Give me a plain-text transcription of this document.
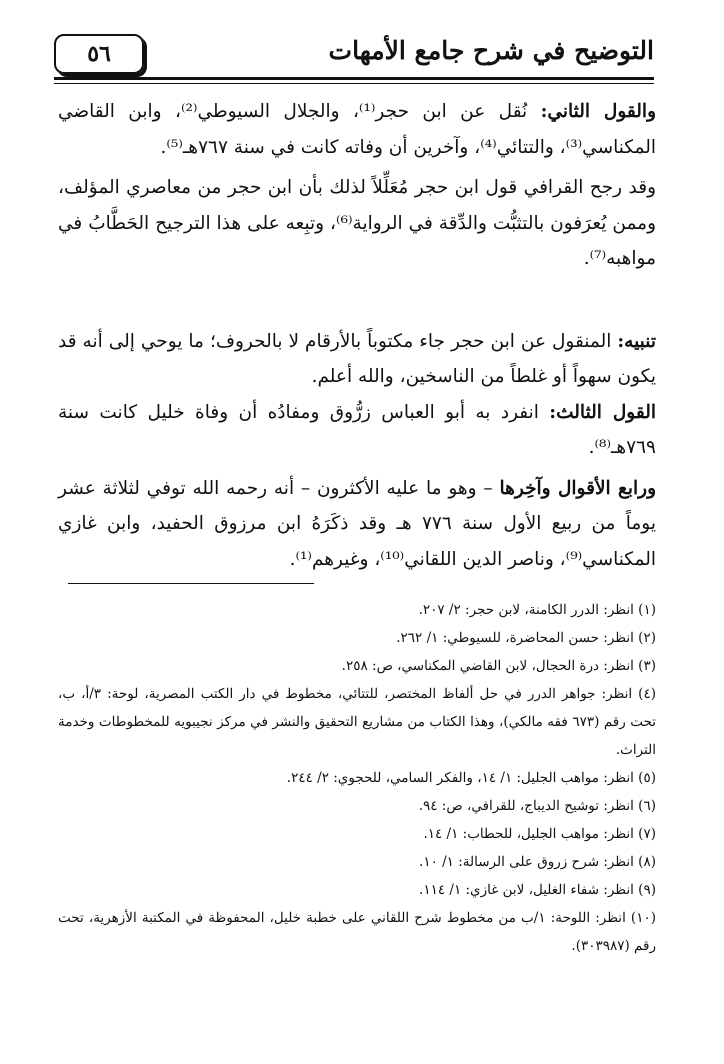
التوضيح في شرح جامع الأمهات
٥٦

والقول الثاني: نُقل عن ابن حجر⁽¹⁾، والجلال السيوطي⁽²⁾، وابن القاضي المكناسي⁽³⁾، والتتائي⁽⁴⁾، وآخرين أن وفاته كانت في سنة ٧٦٧هـ⁽⁵⁾.

وقد رجح القرافي قول ابن حجر مُعَلِّلاً لذلك بأن ابن حجر من معاصري المؤلف، وممن يُعرَفون بالتثبُّت والدِّقة في الرواية⁽⁶⁾، وتبِعه على هذا الترجيح الحَطَّابُ في مواهبه⁽⁷⁾.

تنبيه: المنقول عن ابن حجر جاء مكتوباً بالأرقام لا بالحروف؛ ما يوحي إلى أنه قد يكون سهواً أو غلطاً من الناسخين، والله أعلم.

القول الثالث: انفرد به أبو العباس زرُّوق ومفادُه أن وفاة خليل كانت سنة ٧٦٩هـ⁽⁸⁾.

ورابع الأقوال وآخِرها – وهو ما عليه الأكثرون – أنه رحمه الله توفي لثلاثة عشر يوماً من ربيع الأول سنة ٧٧٦ هـ وقد ذكَرَهُ ابن مرزوق الحفيد، وابن غازي المكناسي⁽⁹⁾، وناصر الدين اللقاني⁽¹⁰⁾، وغيرهم⁽¹⁾.

(١) انظر: الدرر الكامنة، لابن حجر: ٢/ ٢٠٧.

(٢) انظر: حسن المحاضرة، للسيوطي: ١/ ٢٦٢.

(٣) انظر: درة الحجال، لابن القاضي المكناسي، ص: ٢٥٨.

(٤) انظر: جواهر الدرر في حل ألفاظ المختصر، للتتائي، مخطوط في دار الكتب المصرية، لوحة: ٣/أ، ب، تحت رقم (٦٧٣ فقه مالكي)، وهذا الكتاب من مشاريع التحقيق والنشر في مركز نجيبويه للمخطوطات وخدمة التراث.

(٥) انظر: مواهب الجليل: ١/ ١٤، والفكر السامي، للحجوي: ٢/ ٢٤٤.

(٦) انظر: توشيح الديباج، للقرافي، ص: ٩٤.

(٧) انظر: مواهب الجليل، للحطاب: ١/ ١٤.

(٨) انظر: شرح زروق على الرسالة: ١/ ١٠.

(٩) انظر: شفاء الغليل، لابن غازي: ١/ ١١٤.

(١٠) انظر: اللوحة: ١/ب من مخطوط شرح اللقاني على خطبة خليل، المحفوظة في المكتبة الأزهرية، تحت رقم (٣٠٣٩٨٧).
